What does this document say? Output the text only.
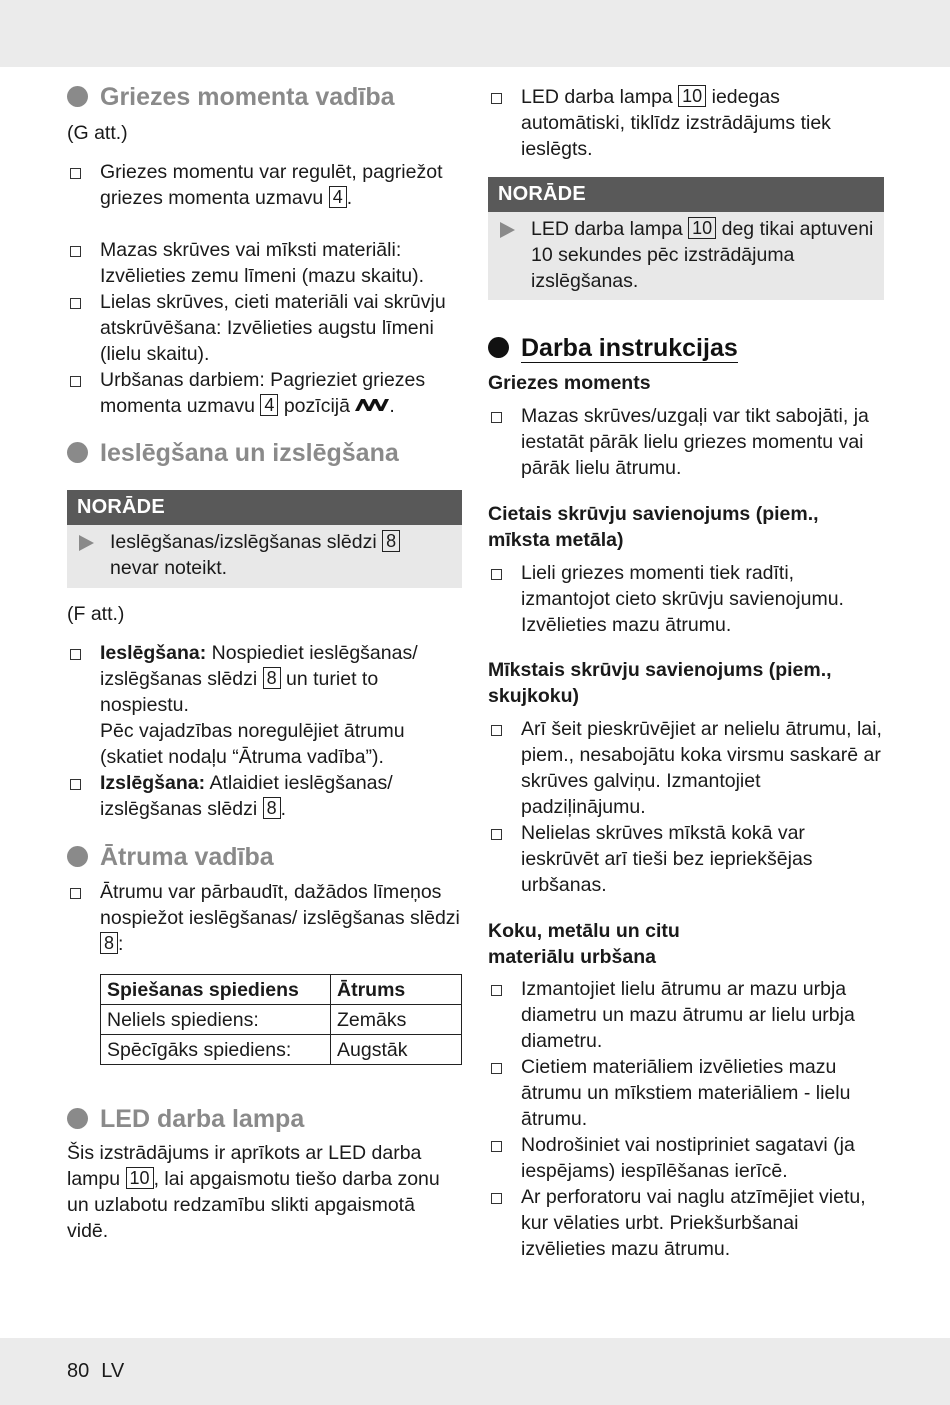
Griezes momenta vadība
(G att.)
Griezes momentu var regulēt, pagriežot griezes momenta uzmavu 4 .
Mazas skrūves vai mīksti materiāli: Izvēlieties zemu līmeni (mazu skaitu).
Lielas skrūves, cieti materiāli vai skrūvju atskrūvēšana: Izvēlieties augstu līmeni (lielu skaitu).
Urbšanas darbiem: Pagrieziet griezes momenta uzmavu 4 pozīcijā .
Ieslēgšana un izslēgšana
NORĀDE
Ieslēgšanas/izslēgšanas slēdzi 8 nevar noteikt.
(F att.)
Ieslēgšana: Nospiediet ieslēgšanas/ izslēgšanas slēdzi 8 un turiet to nospiestu.
Pēc vajadzības noregulējiet ātrumu (skatiet nodaļu “Ātruma vadība”).
Izslēgšana: Atlaidiet ieslēgšanas/ izslēgšanas slēdzi 8 .
Ātruma vadība
Ātrumu var pārbaudīt, dažādos līmeņos nospiežot ieslēgšanas/ izslēgšanas slēdzi 8 :
Spiešanas spiediens	Ātrums
Neliels spiediens:	Zemāks
Spēcīgāks spiediens:	Augstāk
LED darba lampa
Šis izstrādājums ir aprīkots ar LED darba lampu 10 , lai apgaismotu tiešo darba zonu un uzlabotu redzamību slikti apgaismotā vidē.
LED darba lampa 10 iedegas automātiski, tiklīdz izstrādājums tiek ieslēgts.
NORĀDE
LED darba lampa 10 deg tikai aptuveni 10 sekundes pēc izstrādājuma izslēgšanas.
Darba instrukcijas
Griezes moments
Mazas skrūves/uzgaļi var tikt sabojāti, ja iestatāt pārāk lielu griezes momentu vai pārāk lielu ātrumu.
Cietais skrūvju savienojums (piem., mīksta metāla)
Lieli griezes momenti tiek radīti, izmantojot cieto skrūvju savienojumu. Izvēlieties mazu ātrumu.
Mīkstais skrūvju savienojums (piem., skujkoku)
Arī šeit pieskrūvējiet ar nelielu ātrumu, lai, piem., nesabojātu koka virsmu saskarē ar skrūves galviņu. Izmantojiet padziļinājumu.
Nelielas skrūves mīkstā kokā var ieskrūvēt arī tieši bez iepriekšējas urbšanas.
Koku, metālu un citu materiālu urbšana
Izmantojiet lielu ātrumu ar mazu urbja diametru un mazu ātrumu ar lielu urbja diametru.
Cietiem materiāliem izvēlieties mazu ātrumu un mīkstiem materiāliem - lielu ātrumu.
Nodrošiniet vai nostipriniet sagatavi (ja iespējams) iespīlēšanas ierīcē.
Ar perforatoru vai naglu atzīmējiet vietu, kur vēlaties urbt. Priekšurbšanai izvēlieties mazu ātrumu.
80 LV
